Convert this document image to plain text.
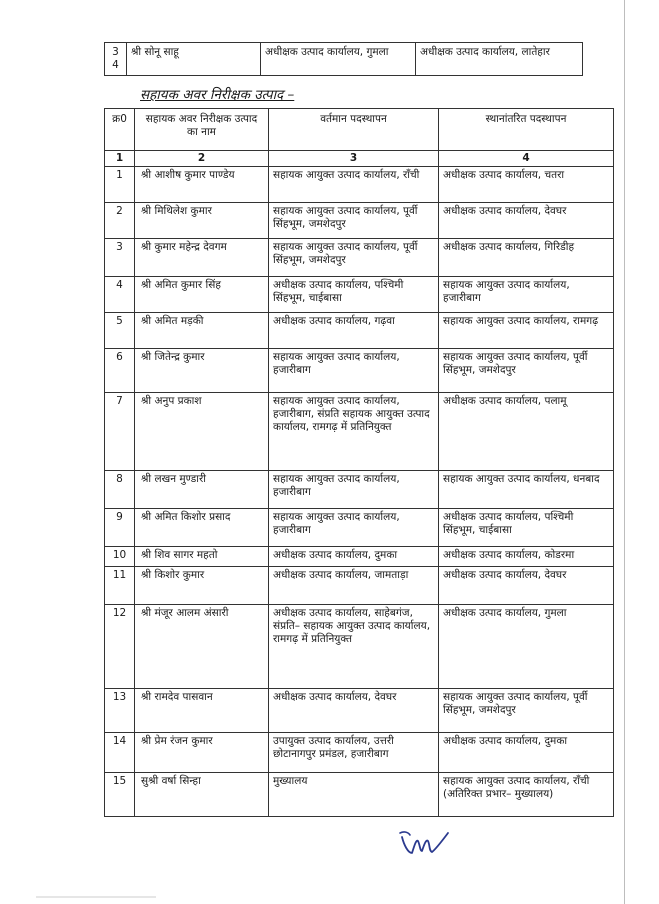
34	श्री सोनू साहू	अधीक्षक उत्पाद कार्यालय, गुमला	अधीक्षक उत्पाद कार्यालय, लातेहार
सहायक अवर निरीक्षक उत्पाद –
क्र0	सहायक अवर निरीक्षक उत्पाद का नाम	वर्तमान पदस्थापन	स्थानांतरित पदस्थापन
1	2	3	4
1	श्री आशीष कुमार पाण्डेय	सहायक आयुक्त उत्पाद कार्यालय, राँची	अधीक्षक उत्पाद कार्यालय, चतरा
2	श्री मिथिलेश कुमार	सहायक आयुक्त उत्पाद कार्यालय, पूर्वी सिंहभूम, जमशेदपुर	अधीक्षक उत्पाद कार्यालय, देवघर
3	श्री कुमार महेन्द्र देवगम	सहायक आयुक्त उत्पाद कार्यालय, पूर्वी सिंहभूम, जमशेदपुर	अधीक्षक उत्पाद कार्यालय, गिरिडीह
4	श्री अमित कुमार सिंह	अधीक्षक उत्पाद कार्यालय, पश्चिमी सिंहभूम, चाईबासा	सहायक आयुक्त उत्पाद कार्यालय, हजारीबाग
5	श्री अमित मड़की	अधीक्षक उत्पाद कार्यालय, गढ़वा	सहायक आयुक्त उत्पाद कार्यालय, रामगढ़
6	श्री जितेन्द्र कुमार	सहायक आयुक्त उत्पाद कार्यालय, हजारीबाग	सहायक आयुक्त उत्पाद कार्यालय, पूर्वी सिंहभूम, जमशेदपुर
7	श्री अनुप प्रकाश	सहायक आयुक्त उत्पाद कार्यालय, हजारीबाग, संप्रति सहायक आयुक्त उत्पाद कार्यालय, रामगढ़ में प्रतिनियुक्त	अधीक्षक उत्पाद कार्यालय, पलामू
8	श्री लखन मुण्डारी	सहायक आयुक्त उत्पाद कार्यालय, हजारीबाग	सहायक आयुक्त उत्पाद कार्यालय, धनबाद
9	श्री अमित किशोर प्रसाद	सहायक आयुक्त उत्पाद कार्यालय, हजारीबाग	अधीक्षक उत्पाद कार्यालय, पश्चिमी सिंहभूम, चाईबासा
10	श्री शिव सागर महतो	अधीक्षक उत्पाद कार्यालय, दुमका	अधीक्षक उत्पाद कार्यालय, कोडरमा
11	श्री किशोर कुमार	अधीक्षक उत्पाद कार्यालय, जामताड़ा	अधीक्षक उत्पाद कार्यालय, देवघर
12	श्री मंजूर आलम अंसारी	अधीक्षक उत्पाद कार्यालय, साहेबगंज, संप्रति– सहायक आयुक्त उत्पाद कार्यालय, रामगढ़ में प्रतिनियुक्त	अधीक्षक उत्पाद कार्यालय, गुमला
13	श्री रामदेव पासवान	अधीक्षक उत्पाद कार्यालय, देवघर	सहायक आयुक्त उत्पाद कार्यालय, पूर्वी सिंहभूम, जमशेदपुर
14	श्री प्रेम रंजन कुमार	उपायुक्त उत्पाद कार्यालय, उत्तरी छोटानागपुर प्रमंडल, हजारीबाग	अधीक्षक उत्पाद कार्यालय, दुमका
15	सुश्री वर्षा सिन्हा	मुख्यालय	सहायक आयुक्त उत्पाद कार्यालय, राँची (अतिरिक्त प्रभार– मुख्यालय)
